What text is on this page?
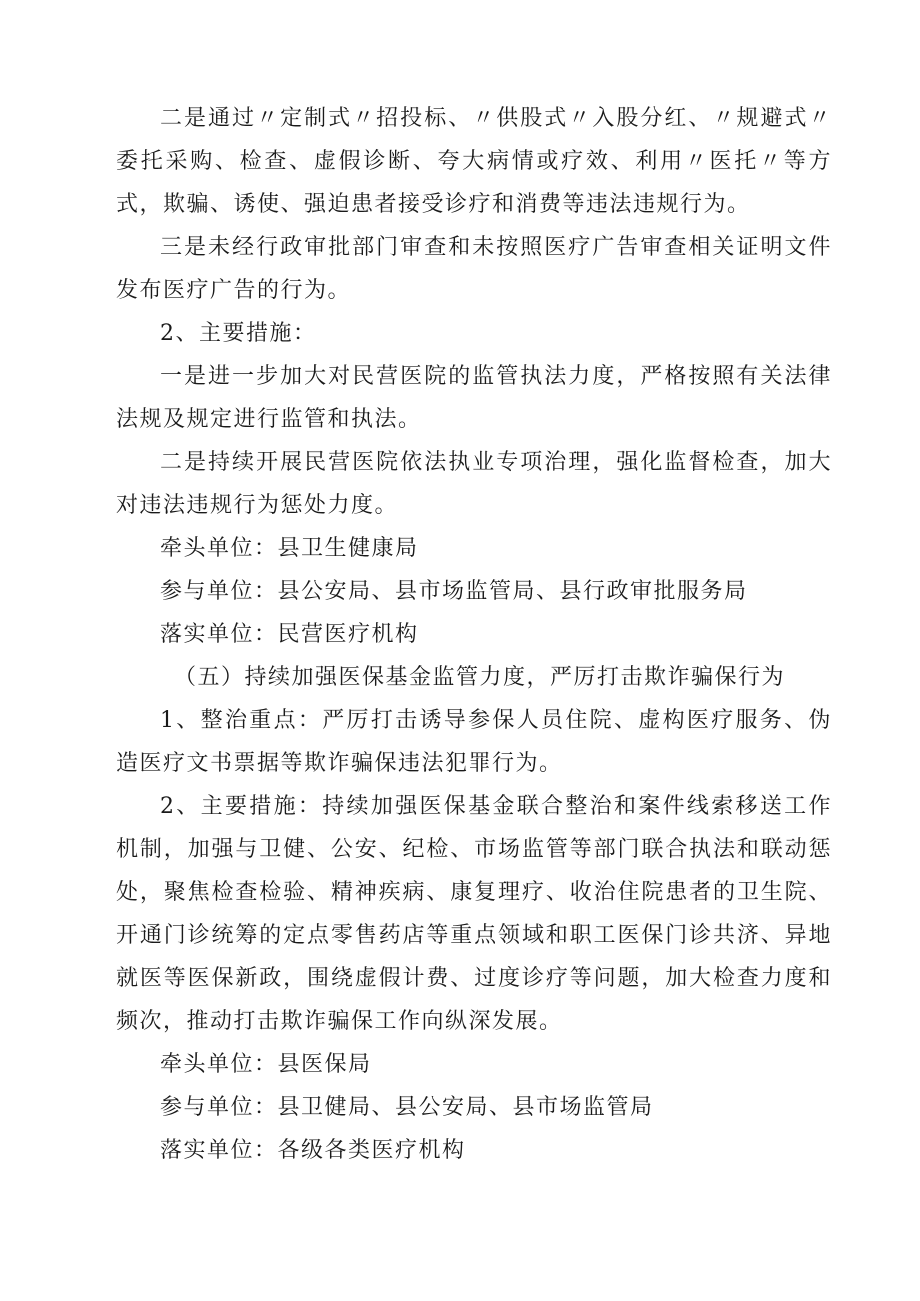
二是通过〃定制式〃招投标、〃供股式〃入股分红、〃规避式〃委托采购、检查、虚假诊断、夸大病情或疗效、利用〃医托〃等方式，欺骗、诱使、强迫患者接受诊疗和消费等违法违规行为。

三是未经行政审批部门审查和未按照医疗广告审查相关证明文件发布医疗广告的行为。

2、主要措施：

一是进一步加大对民营医院的监管执法力度，严格按照有关法律法规及规定进行监管和执法。

二是持续开展民营医院依法执业专项治理，强化监督检查，加大对违法违规行为惩处力度。

牵头单位：县卫生健康局

参与单位：县公安局、县市场监管局、县行政审批服务局

落实单位：民营医疗机构

（五）持续加强医保基金监管力度，严厉打击欺诈骗保行为

1、整治重点：严厉打击诱导参保人员住院、虚构医疗服务、伪造医疗文书票据等欺诈骗保违法犯罪行为。

2、主要措施：持续加强医保基金联合整治和案件线索移送工作机制，加强与卫健、公安、纪检、市场监管等部门联合执法和联动惩处，聚焦检查检验、精神疾病、康复理疗、收治住院患者的卫生院、开通门诊统筹的定点零售药店等重点领域和职工医保门诊共济、异地就医等医保新政，围绕虚假计费、过度诊疗等问题，加大检查力度和频次，推动打击欺诈骗保工作向纵深发展。

牵头单位：县医保局

参与单位：县卫健局、县公安局、县市场监管局

落实单位：各级各类医疗机构
